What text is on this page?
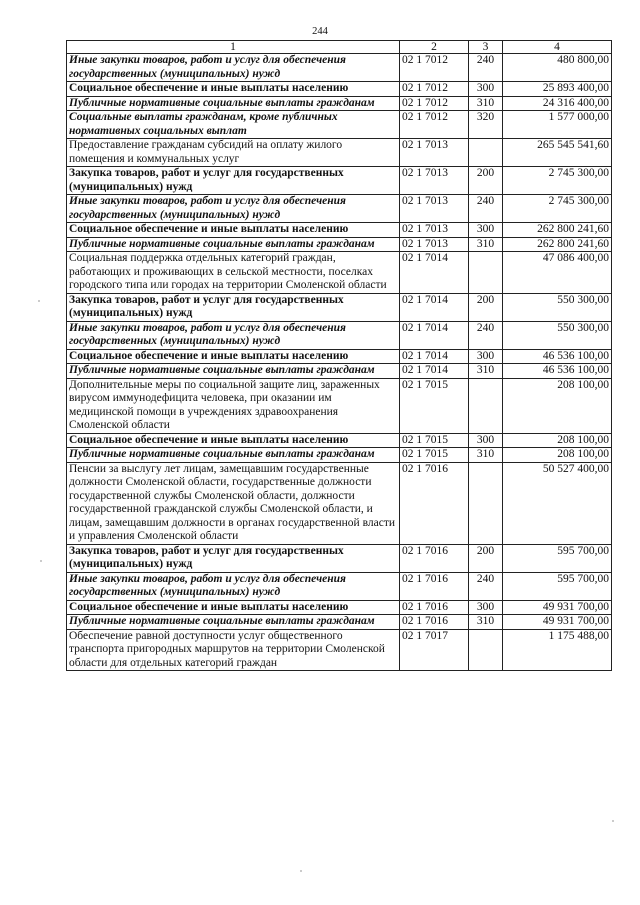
244
1	2	3	4
Иные закупки товаров, работ и услуг для обеспечения государственных (муниципальных) нужд	02 1 7012	240	480 800,00
Социальное обеспечение и иные выплаты населению	02 1 7012	300	25 893 400,00
Публичные нормативные социальные выплаты гражданам	02 1 7012	310	24 316 400,00
Социальные выплаты гражданам, кроме публичных нормативных социальных выплат	02 1 7012	320	1 577 000,00
Предоставление гражданам субсидий на оплату жилого помещения и коммунальных услуг	02 1 7013		265 545 541,60
Закупка товаров, работ и услуг для государственных (муниципальных) нужд	02 1 7013	200	2 745 300,00
Иные закупки товаров, работ и услуг для обеспечения государственных (муниципальных) нужд	02 1 7013	240	2 745 300,00
Социальное обеспечение и иные выплаты населению	02 1 7013	300	262 800 241,60
Публичные нормативные социальные выплаты гражданам	02 1 7013	310	262 800 241,60
Социальная поддержка отдельных категорий граждан, работающих и проживающих в сельской местности, поселках городского типа или городах на территории Смоленской области	02 1 7014		47 086 400,00
Закупка товаров, работ и услуг для государственных (муниципальных) нужд	02 1 7014	200	550 300,00
Иные закупки товаров, работ и услуг для обеспечения государственных (муниципальных) нужд	02 1 7014	240	550 300,00
Социальное обеспечение и иные выплаты населению	02 1 7014	300	46 536 100,00
Публичные нормативные социальные выплаты гражданам	02 1 7014	310	46 536 100,00
Дополнительные меры по социальной защите лиц, зараженных вирусом иммунодефицита человека, при оказании им медицинской помощи в учреждениях здравоохранения Смоленской области	02 1 7015		208 100,00
Социальное обеспечение и иные выплаты населению	02 1 7015	300	208 100,00
Публичные нормативные социальные выплаты гражданам	02 1 7015	310	208 100,00
Пенсии за выслугу лет лицам, замещавшим государственные должности Смоленской области, государственные должности государственной службы Смоленской области, должности государственной гражданской службы Смоленской области, и лицам, замещавшим должности в органах государственной власти и управления Смоленской области	02 1 7016		50 527 400,00
Закупка товаров, работ и услуг для государственных (муниципальных) нужд	02 1 7016	200	595 700,00
Иные закупки товаров, работ и услуг для обеспечения государственных (муниципальных) нужд	02 1 7016	240	595 700,00
Социальное обеспечение и иные выплаты населению	02 1 7016	300	49 931 700,00
Публичные нормативные социальные выплаты гражданам	02 1 7016	310	49 931 700,00
Обеспечение равной доступности услуг общественного транспорта пригородных маршрутов на территории Смоленской области для отдельных категорий граждан	02 1 7017		1 175 488,00
